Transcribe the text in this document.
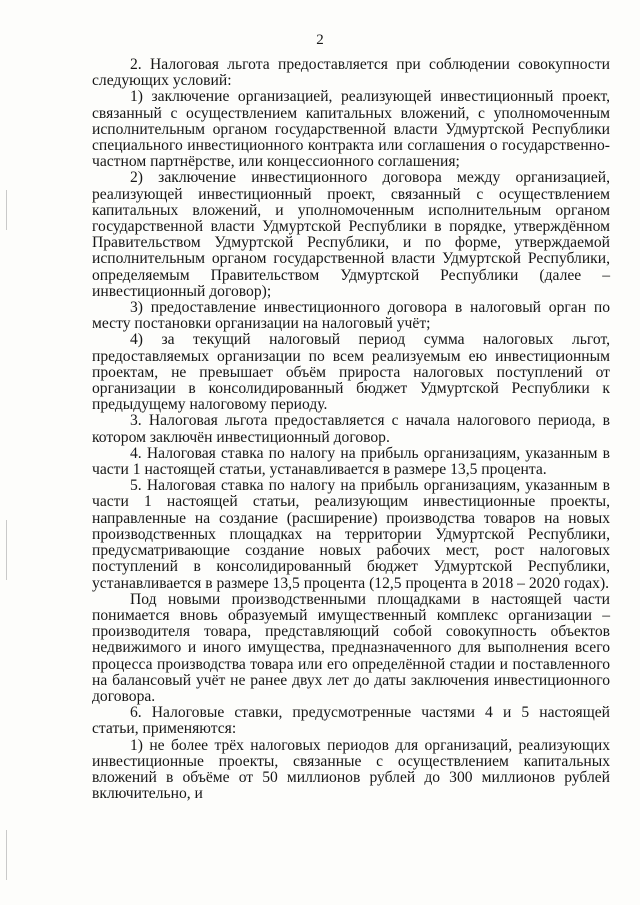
2

2. Налоговая льгота предоставляется при соблюдении совокупности следующих условий:

1) заключение организацией, реализующей инвестиционный проект, связанный с осуществлением капитальных вложений, с уполномоченным исполнительным органом государственной власти Удмуртской Республики специального инвестиционного контракта или соглашения о государственно-частном партнёрстве, или концессионного соглашения;

2) заключение инвестиционного договора между организацией, реализующей инвестиционный проект, связанный с осуществлением капитальных вложений, и уполномоченным исполнительным органом государственной власти Удмуртской Республики в порядке, утверждённом Правительством Удмуртской Республики, и по форме, утверждаемой исполнительным органом государственной власти Удмуртской Республики, определяемым Правительством Удмуртской Республики (далее – инвестиционный договор);

3) предоставление инвестиционного договора в налоговый орган по месту постановки организации на налоговый учёт;

4) за текущий налоговый период сумма налоговых льгот, предоставляемых организации по всем реализуемым ею инвестиционным проектам, не превышает объём прироста налоговых поступлений от организации в консолидированный бюджет Удмуртской Республики к предыдущему налоговому периоду.

3. Налоговая льгота предоставляется с начала налогового периода, в котором заключён инвестиционный договор.

4. Налоговая ставка по налогу на прибыль организациям, указанным в части 1 настоящей статьи, устанавливается в размере 13,5 процента.

5. Налоговая ставка по налогу на прибыль организациям, указанным в части 1 настоящей статьи, реализующим инвестиционные проекты, направленные на создание (расширение) производства товаров на новых производственных площадках на территории Удмуртской Республики, предусматривающие создание новых рабочих мест, рост налоговых поступлений в консолидированный бюджет Удмуртской Республики, устанавливается в размере 13,5 процента (12,5 процента в 2018 – 2020 годах).

Под новыми производственными площадками в настоящей части понимается вновь образуемый имущественный комплекс организации – производителя товара, представляющий собой совокупность объектов недвижимого и иного имущества, предназначенного для выполнения всего процесса производства товара или его определённой стадии и поставленного на балансовый учёт не ранее двух лет до даты заключения инвестиционного договора.

6. Налоговые ставки, предусмотренные частями 4 и 5 настоящей статьи, применяются:

1) не более трёх налоговых периодов для организаций, реализующих инвестиционные проекты, связанные с осуществлением капитальных вложений в объёме от 50 миллионов рублей до 300 миллионов рублей включительно, и
